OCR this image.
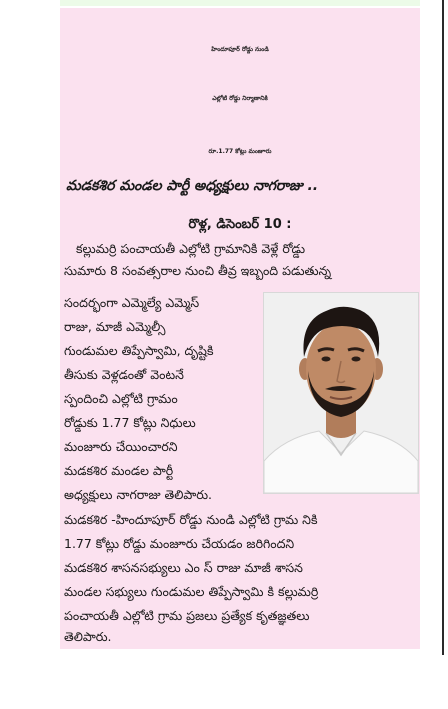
హిందూపూర్ రోడ్డు నుండి
ఎల్లోటి రోడ్డు నిర్మాణానికి
రూ.1.77 కోట్లు మంజూరు
మడకశిర మండల పార్టీ అధ్యక్షులు నాగరాజు ..
రొళ్ల, డిసెంబర్ 10 :
కల్లుమర్రి పంచాయతీ ఎల్లోటి గ్రామానికి వెళ్లే రోడ్డు
సుమారు 8 సంవత్సరాల నుంచి తీవ్ర ఇబ్బంది పడుతున్న
సందర్భంగా ఎమ్మెల్యే ఎమ్మెస్
రాజు, మాజీ ఎమ్మెల్సీ
గుండుమల తిప్పేస్వామి, దృష్టికి
తీసుకు వెళ్లడంతో వెంటనే
స్పందించి ఎల్లోటి గ్రామం
రోడ్డుకు 1.77 కోట్లు నిధులు
మంజూరు చేయించారని
మడకశిర మండల పార్టీ
అధ్యక్షులు నాగరాజు తెలిపారు.
మడకశిర -హిందూపూర్ రోడ్డు నుండి ఎల్లోటి గ్రామ నికి
1.77 కోట్లు రోడ్డు మంజూరు చేయడం జరిగిందని
మడకశిర శాసనసభ్యులు ఎం స్ రాజు మాజీ శాసన
మండల సభ్యులు గుండుమల తిప్పేస్వామి కి కల్లుమర్రి
పంచాయతీ ఎల్లోటి గ్రామ ప్రజలు ప్రత్యేక కృతజ్ఞతలు
తెలిపారు.
